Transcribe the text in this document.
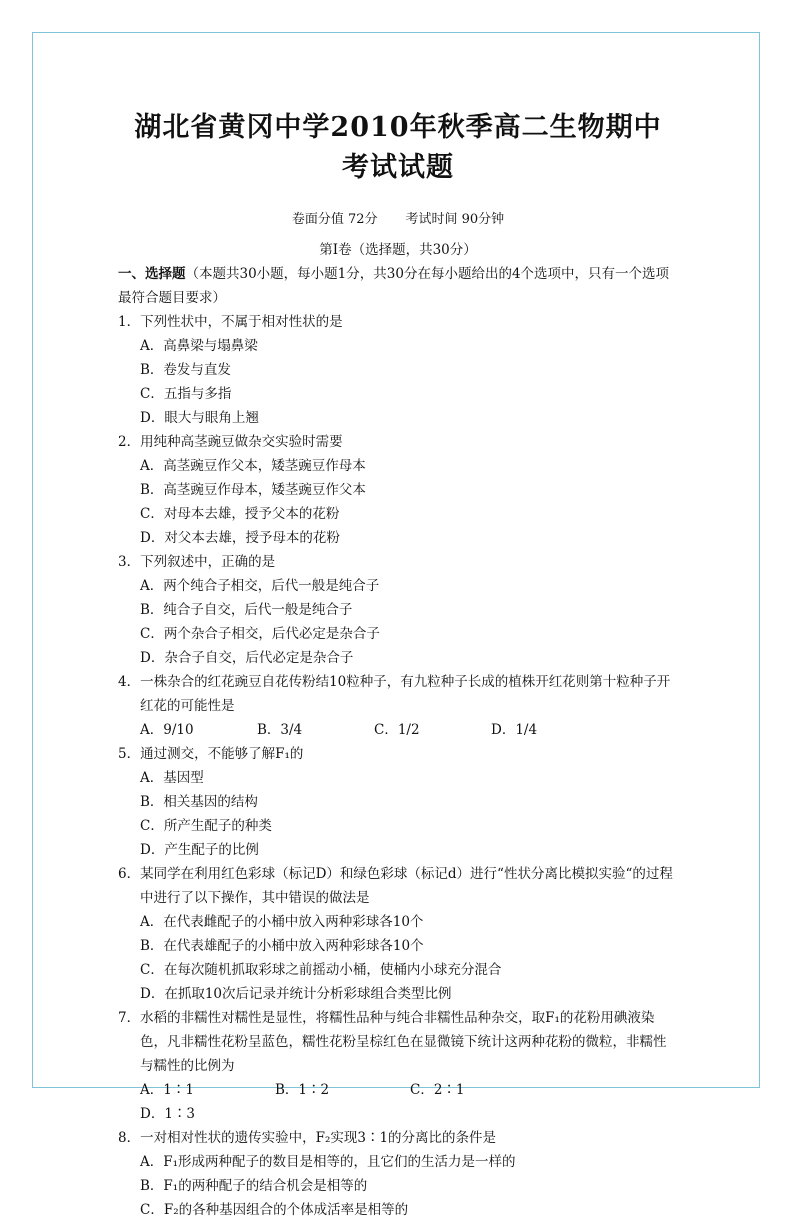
湖北省黄冈中学2010年秋季高二生物期中
考试试题
卷面分值 72分 考试时间 90分钟
第Ⅰ卷（选择题，共30分）
一、选择题（本题共30小题，每小题1分，共30分在每小题给出的4个选项中，只有一个选项最符合题目要求）
1．下列性状中，不属于相对性状的是
A．高鼻梁与塌鼻梁
B．卷发与直发
C．五指与多指
D．眼大与眼角上翘
2．用纯种高茎豌豆做杂交实验时需要
A．高茎豌豆作父本，矮茎豌豆作母本
B．高茎豌豆作母本，矮茎豌豆作父本
C．对母本去雄，授予父本的花粉
D．对父本去雄，授予母本的花粉
3．下列叙述中，正确的是
A．两个纯合子相交，后代一般是纯合子
B．纯合子自交，后代一般是纯合子
C．两个杂合子相交，后代必定是杂合子
D．杂合子自交，后代必定是杂合子
4．一株杂合的红花豌豆自花传粉结10粒种子，有九粒种子长成的植株开红花则第十粒种子开红花的可能性是
A．9/10	B．3/4	C．1/2	D．1/4
5．通过测交，不能够了解F₁的
A．基因型
B．相关基因的结构
C．所产生配子的种类
D．产生配子的比例
6．某同学在利用红色彩球（标记D）和绿色彩球（标记d）进行“性状分离比模拟实验“的过程中进行了以下操作，其中错误的做法是
A．在代表雌配子的小桶中放入两种彩球各10个
B．在代表雄配子的小桶中放入两种彩球各10个
C．在每次随机抓取彩球之前摇动小桶，使桶内小球充分混合
D．在抓取10次后记录并统计分析彩球组合类型比例
7．水稻的非糯性对糯性是显性，将糯性品种与纯合非糯性品种杂交，取F₁的花粉用碘液染色，凡非糯性花粉呈蓝色，糯性花粉呈棕红色在显微镜下统计这两种花粉的微粒，非糯性与糯性的比例为
A．1∶1	B．1∶2	C．2∶1
D．1∶3
8．一对相对性状的遗传实验中，F₂实现3∶1的分离比的条件是
A．F₁形成两种配子的数目是相等的，且它们的生活力是一样的
B．F₁的两种配子的结合机会是相等的
C．F₂的各种基因组合的个体成活率是相等的
